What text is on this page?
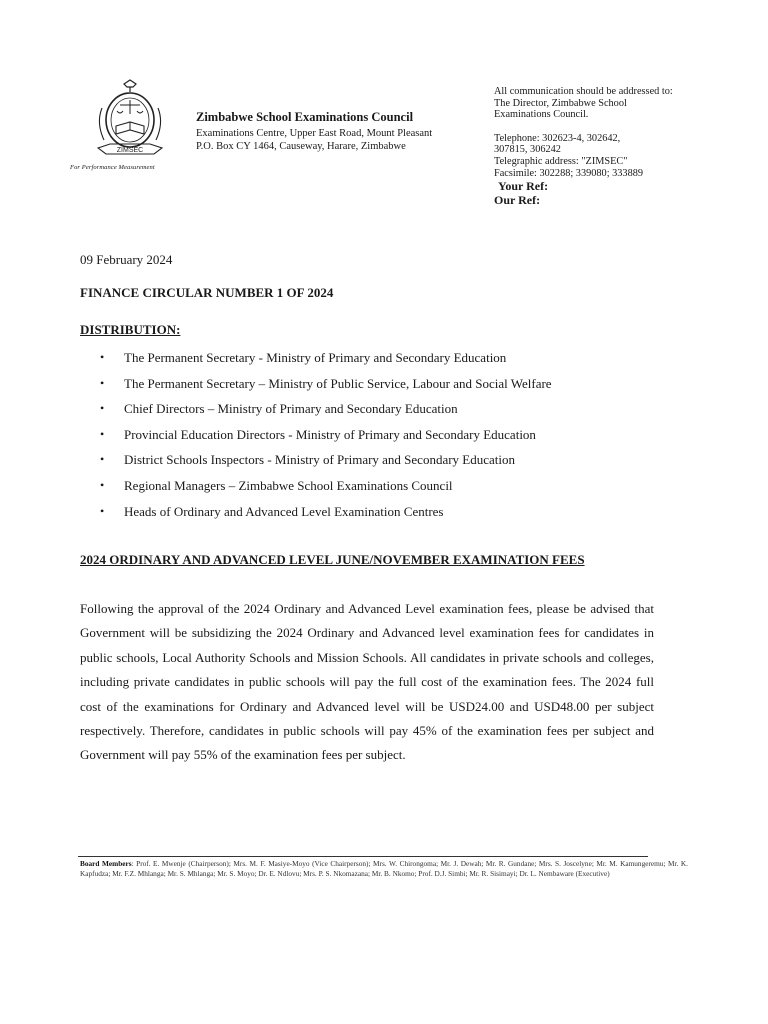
ZIMSEC
For Performance Measurement
Zimbabwe School Examinations Council
Examinations Centre, Upper East Road, Mount Pleasant
P.O. Box CY 1464, Causeway, Harare, Zimbabwe
All communication should be addressed to:
The Director, Zimbabwe School
Examinations Council.
Telephone: 302623-4, 302642,
307815, 306242
Telegraphic address: "ZIMSEC"
Facsimile: 302288; 339080; 333889
Your Ref:
Our Ref:
09 February 2024
FINANCE CIRCULAR NUMBER 1 OF 2024
DISTRIBUTION:
• The Permanent Secretary - Ministry of Primary and Secondary Education
• The Permanent Secretary – Ministry of Public Service, Labour and Social Welfare
• Chief Directors – Ministry of Primary and Secondary Education
• Provincial Education Directors - Ministry of Primary and Secondary Education
• District Schools Inspectors - Ministry of Primary and Secondary Education
• Regional Managers – Zimbabwe School Examinations Council
• Heads of Ordinary and Advanced Level Examination Centres
2024 ORDINARY AND ADVANCED LEVEL JUNE/NOVEMBER EXAMINATION FEES
Following the approval of the 2024 Ordinary and Advanced Level examination fees, please be advised that Government will be subsidizing the 2024 Ordinary and Advanced level examination fees for candidates in public schools, Local Authority Schools and Mission Schools. All candidates in private schools and colleges, including private candidates in public schools will pay the full cost of the examination fees. The 2024 full cost of the examinations for Ordinary and Advanced level will be USD24.00 and USD48.00 per subject respectively. Therefore, candidates in public schools will pay 45% of the examination fees per subject and Government will pay 55% of the examination fees per subject.
Board Members: Prof. E. Mwenje (Chairperson); Mrs. M. F. Masiye-Moyo (Vice Chairperson); Mrs. W. Chirongoma; Mr. J. Dewah; Mr. R. Gundane; Mrs. S. Joscelyne; Mr. M. Kamungeremu; Mr. K. Kapfudza; Mr. F.Z. Mhlanga; Mr. S. Mhlanga; Mr. S. Moyo; Dr. E. Ndlovu; Mrs. P. S. Nkomazana; Mr. B. Nkomo; Prof. D.J. Simbi; Mr. R. Sisimayi; Dr. L. Nembaware (Executive)
